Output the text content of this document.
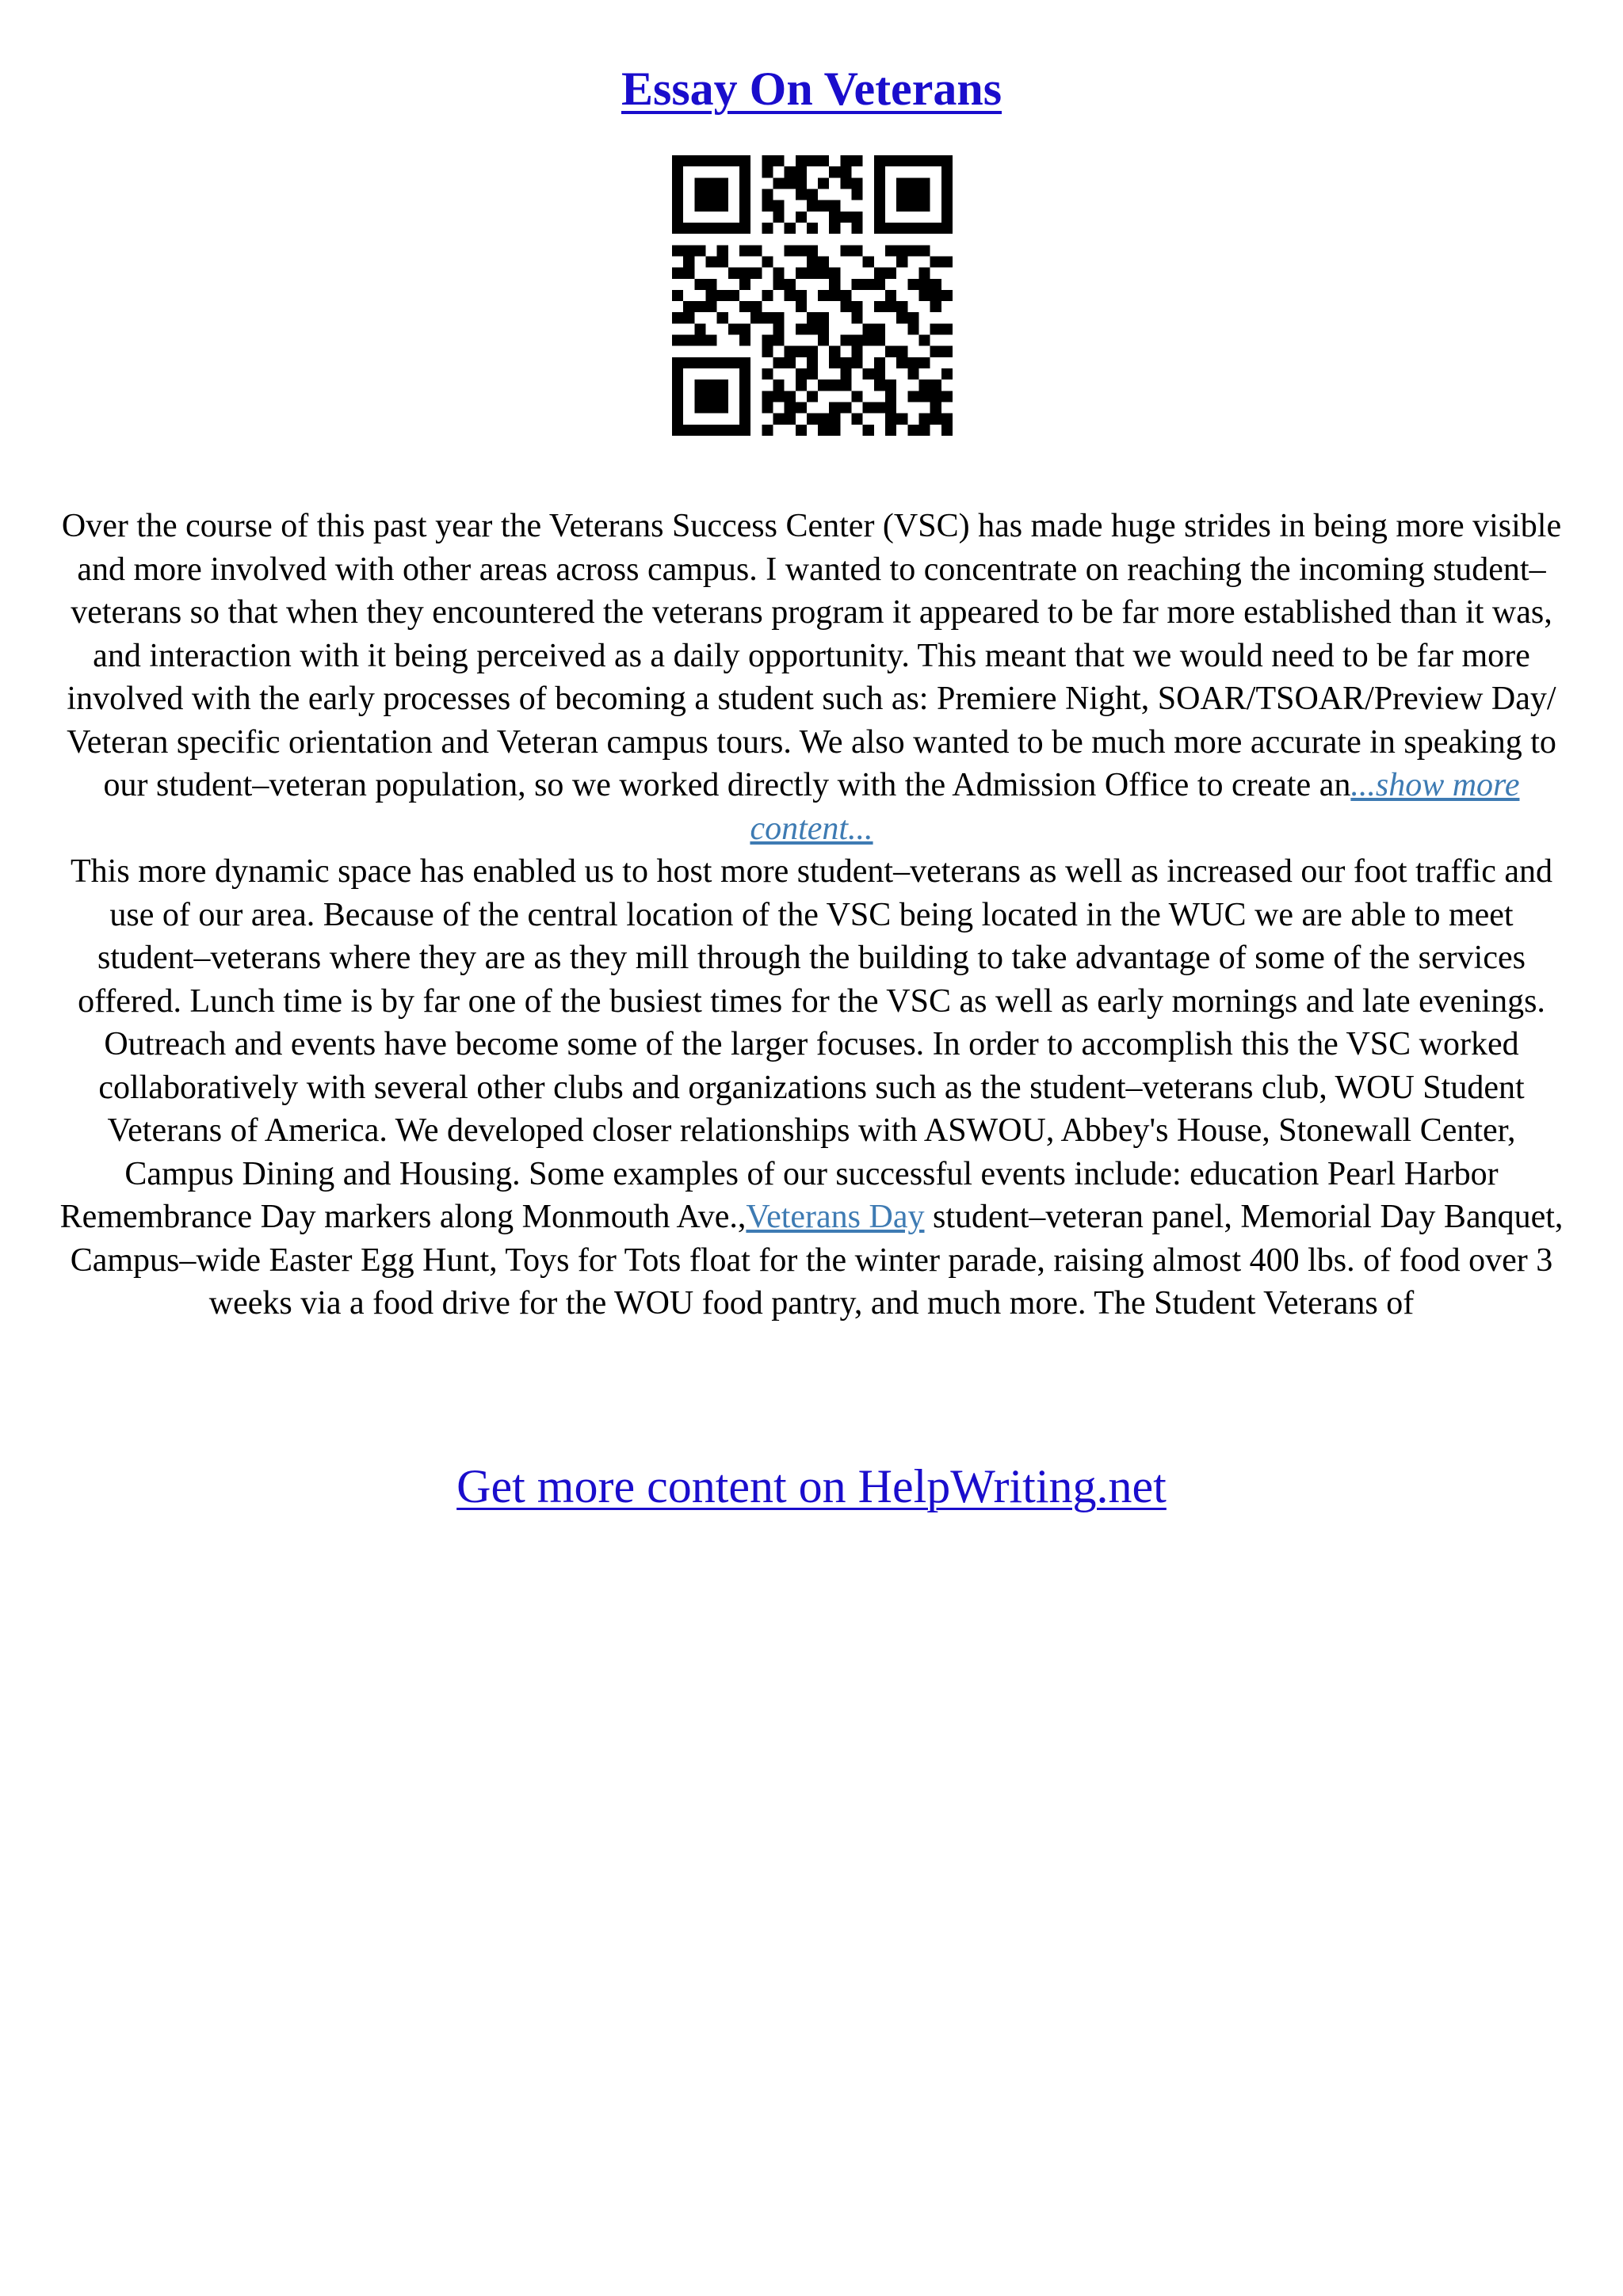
Essay On Veterans

Over the course of this past year the Veterans Success Center (VSC) has made huge strides in being more visible and more involved with other areas across campus. I wanted to concentrate on reaching the incoming student–veterans so that when they encountered the veterans program it appeared to be far more established than it was, and interaction with it being perceived as a daily opportunity. This meant that we would need to be far more involved with the early processes of becoming a student such as: Premiere Night, SOAR/TSOAR/Preview Day/ Veteran specific orientation and Veteran campus tours. We also wanted to be much more accurate in speaking to our student–veteran population, so we worked directly with the Admission Office to create an...show more content...

This more dynamic space has enabled us to host more student–veterans as well as increased our foot traffic and use of our area. Because of the central location of the VSC being located in the WUC we are able to meet student–veterans where they are as they mill through the building to take advantage of some of the services offered. Lunch time is by far one of the busiest times for the VSC as well as early mornings and late evenings.

Outreach and events have become some of the larger focuses. In order to accomplish this the VSC worked collaboratively with several other clubs and organizations such as the student–veterans club, WOU Student Veterans of America. We developed closer relationships with ASWOU, Abbey's House, Stonewall Center, Campus Dining and Housing. Some examples of our successful events include: education Pearl Harbor Remembrance Day markers along Monmouth Ave.,Veterans Day student–veteran panel, Memorial Day Banquet, Campus–wide Easter Egg Hunt, Toys for Tots float for the winter parade, raising almost 400 lbs. of food over 3 weeks via a food drive for the WOU food pantry, and much more. The Student Veterans of

Get more content on HelpWriting.net
